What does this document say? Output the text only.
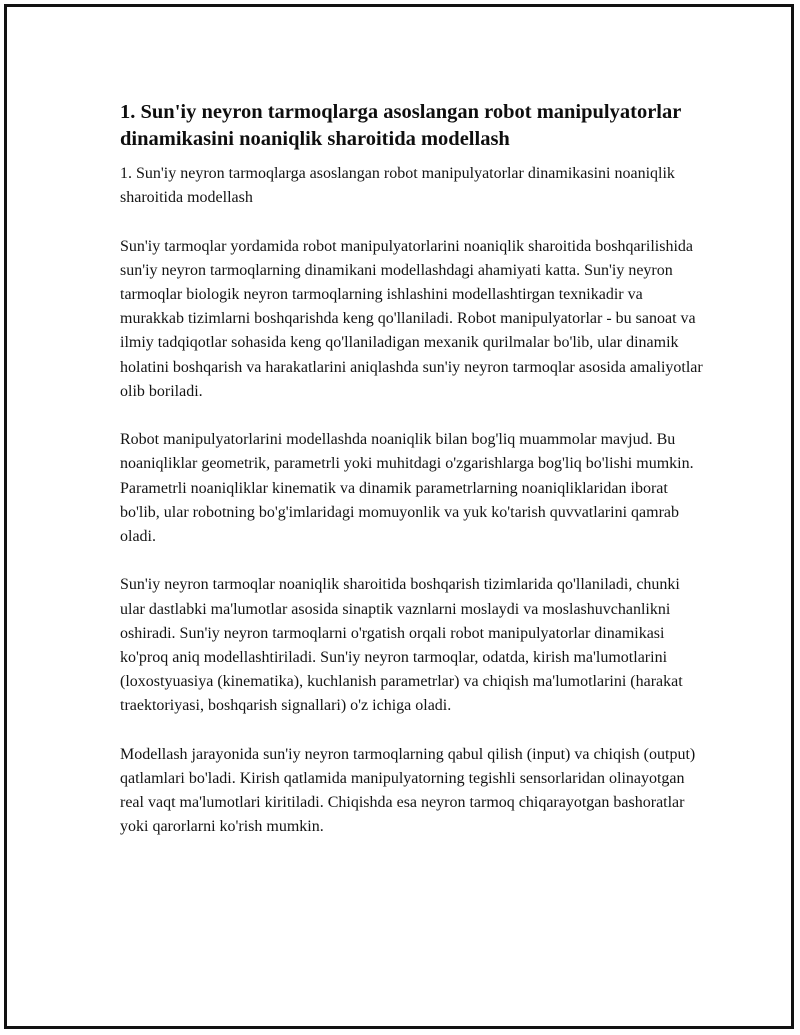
1. Sun'iy neyron tarmoqlarga asoslangan robot manipulyatorlar dinamikasini noaniqlik sharoitida modellash

1. Sun'iy neyron tarmoqlarga asoslangan robot manipulyatorlar dinamikasini noaniqlik sharoitida modellash

Sun'iy tarmoqlar yordamida robot manipulyatorlarini noaniqlik sharoitida boshqarilishida sun'iy neyron tarmoqlarning dinamikani modellashdagi ahamiyati katta. Sun'iy neyron tarmoqlar biologik neyron tarmoqlarning ishlashini modellashtirgan texnikadir va murakkab tizimlarni boshqarishda keng qo'llaniladi. Robot manipulyatorlar - bu sanoat va ilmiy tadqiqotlar sohasida keng qo'llaniladigan mexanik qurilmalar bo'lib, ular dinamik holatini boshqarish va harakatlarini aniqlashda sun'iy neyron tarmoqlar asosida amaliyotlar olib boriladi.

Robot manipulyatorlarini modellashda noaniqlik bilan bog'liq muammolar mavjud. Bu noaniqliklar geometrik, parametrli yoki muhitdagi o'zgarishlarga bog'liq bo'lishi mumkin. Parametrli noaniqliklar kinematik va dinamik parametrlarning noaniqliklaridan iborat bo'lib, ular robotning bo'g'imlaridagi momuyonlik va yuk ko'tarish quvvatlarini qamrab oladi.

Sun'iy neyron tarmoqlar noaniqlik sharoitida boshqarish tizimlarida qo'llaniladi, chunki ular dastlabki ma'lumotlar asosida sinaptik vaznlarni moslaydi va moslashuvchanlikni oshiradi. Sun'iy neyron tarmoqlarni o'rgatish orqali robot manipulyatorlar dinamikasi ko'proq aniq modellashtiriladi. Sun'iy neyron tarmoqlar, odatda, kirish ma'lumotlarini (loxostyuasiya (kinematika), kuchlanish parametrlar) va chiqish ma'lumotlarini (harakat traektoriyasi, boshqarish signallari) o'z ichiga oladi.

Modellash jarayonida sun'iy neyron tarmoqlarning qabul qilish (input) va chiqish (output) qatlamlari bo'ladi. Kirish qatlamida manipulyatorning tegishli sensorlaridan olinayotgan real vaqt ma'lumotlari kiritiladi. Chiqishda esa neyron tarmoq chiqarayotgan bashoratlar yoki qarorlarni ko'rish mumkin.
